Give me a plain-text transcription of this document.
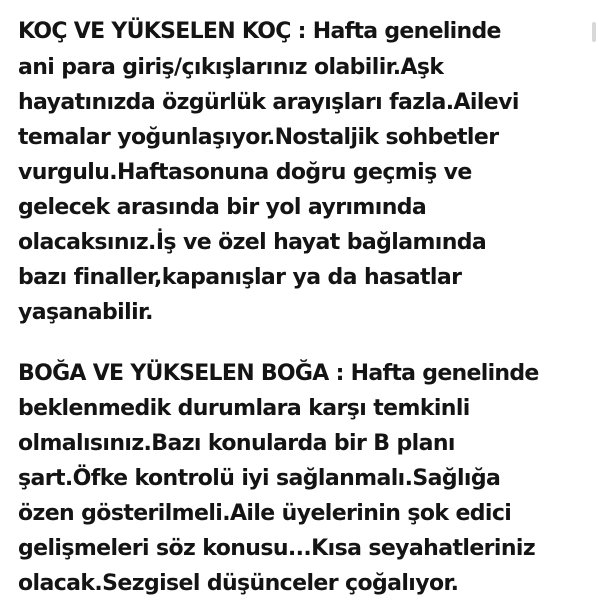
KOÇ VE YÜKSELEN KOÇ : Hafta genelinde

ani para giriş/çıkışlarınız olabilir.Aşk

hayatınızda özgürlük arayışları fazla.Ailevi

temalar yoğunlaşıyor.Nostaljik sohbetler

vurgulu.Haftasonuna doğru geçmiş ve

gelecek arasında bir yol ayrımında

olacaksınız.İş ve özel hayat bağlamında

bazı finaller,kapanışlar ya da hasatlar

yaşanabilir.

BOĞA VE YÜKSELEN BOĞA : Hafta genelinde

beklenmedik durumlara karşı temkinli

olmalısınız.Bazı konularda bir B planı

şart.Öfke kontrolü iyi sağlanmalı.Sağlığa

özen gösterilmeli.Aile üyelerinin şok edici

gelişmeleri söz konusu...Kısa seyahatleriniz

olacak.Sezgisel düşünceler çoğalıyor.
